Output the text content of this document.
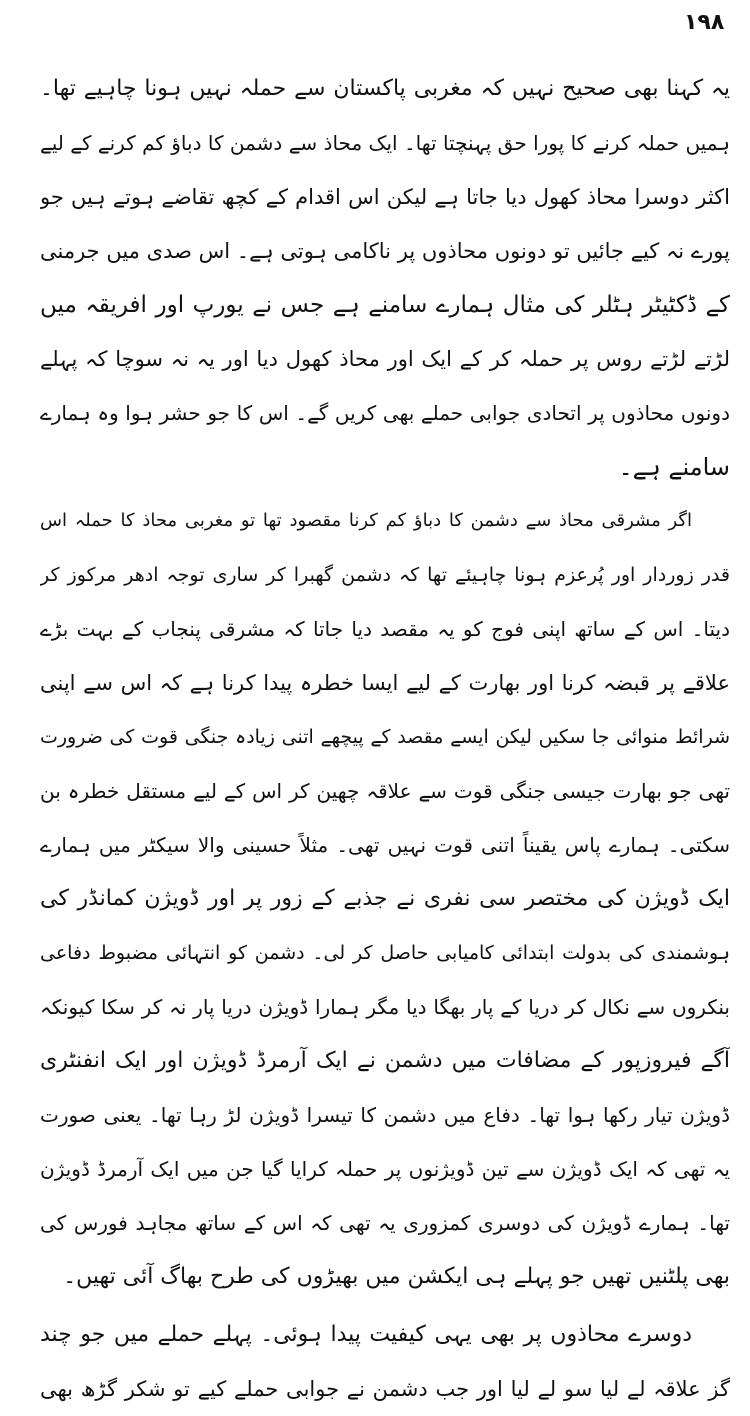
۱۹۸
یہ کہنا بھی صحیح نہیں کہ مغربی پاکستان سے حملہ نہیں ہونا چاہیے تھا۔
ہمیں حملہ کرنے کا پورا حق پہنچتا تھا۔ ایک محاذ سے دشمن کا دباؤ کم کرنے کے لیے
اکثر دوسرا محاذ کھول دیا جاتا ہے لیکن اس اقدام کے کچھ تقاضے ہوتے ہیں جو
پورے نہ کیے جائیں تو دونوں محاذوں پر ناکامی ہوتی ہے۔ اس صدی میں جرمنی
کے ڈکٹیٹر ہٹلر کی مثال ہمارے سامنے ہے جس نے یورپ اور افریقہ میں
لڑتے لڑتے روس پر حملہ کر کے ایک اور محاذ کھول دیا اور یہ نہ سوچا کہ پہلے
دونوں محاذوں پر اتحادی جوابی حملے بھی کریں گے۔ اس کا جو حشر ہوا وہ ہمارے
سامنے ہے۔
اگر مشرقی محاذ سے دشمن کا دباؤ کم کرنا مقصود تھا تو مغربی محاذ کا حملہ اس
قدر زوردار اور پُرعزم ہونا چاہیئے تھا کہ دشمن گھبرا کر ساری توجہ ادھر مرکوز کر
دیتا۔ اس کے ساتھ اپنی فوج کو یہ مقصد دیا جاتا کہ مشرقی پنجاب کے بہت بڑے
علاقے پر قبضہ کرنا اور بھارت کے لیے ایسا خطرہ پیدا کرنا ہے کہ اس سے اپنی
شرائط منوائی جا سکیں لیکن ایسے مقصد کے پیچھے اتنی زیادہ جنگی قوت کی ضرورت
تھی جو بھارت جیسی جنگی قوت سے علاقہ چھین کر اس کے لیے مستقل خطرہ بن
سکتی۔ ہمارے پاس یقیناً اتنی قوت نہیں تھی۔ مثلاً حسینی والا سیکٹر میں ہمارے
ایک ڈویژن کی مختصر سی نفری نے جذبے کے زور پر اور ڈویژن کمانڈر کی
ہوشمندی کی بدولت ابتدائی کامیابی حاصل کر لی۔ دشمن کو انتہائی مضبوط دفاعی
بنکروں سے نکال کر دریا کے پار بھگا دیا مگر ہمارا ڈویژن دریا پار نہ کر سکا کیونکہ
آگے فیروزپور کے مضافات میں دشمن نے ایک آرمرڈ ڈویژن اور ایک انفنٹری
ڈویژن تیار رکھا ہوا تھا۔ دفاع میں دشمن کا تیسرا ڈویژن لڑ رہا تھا۔ یعنی صورت
یہ تھی کہ ایک ڈویژن سے تین ڈویژنوں پر حملہ کرایا گیا جن میں ایک آرمرڈ ڈویژن
تھا۔ ہمارے ڈویژن کی دوسری کمزوری یہ تھی کہ اس کے ساتھ مجاہد فورس کی
بھی پلٹنیں تھیں جو پہلے ہی ایکشن میں بھیڑوں کی طرح بھاگ آئی تھیں۔
دوسرے محاذوں پر بھی یہی کیفیت پیدا ہوئی۔ پہلے حملے میں جو چند
گز علاقہ لے لیا سو لے لیا اور جب دشمن نے جوابی حملے کیے تو شکر گڑھ بھی
